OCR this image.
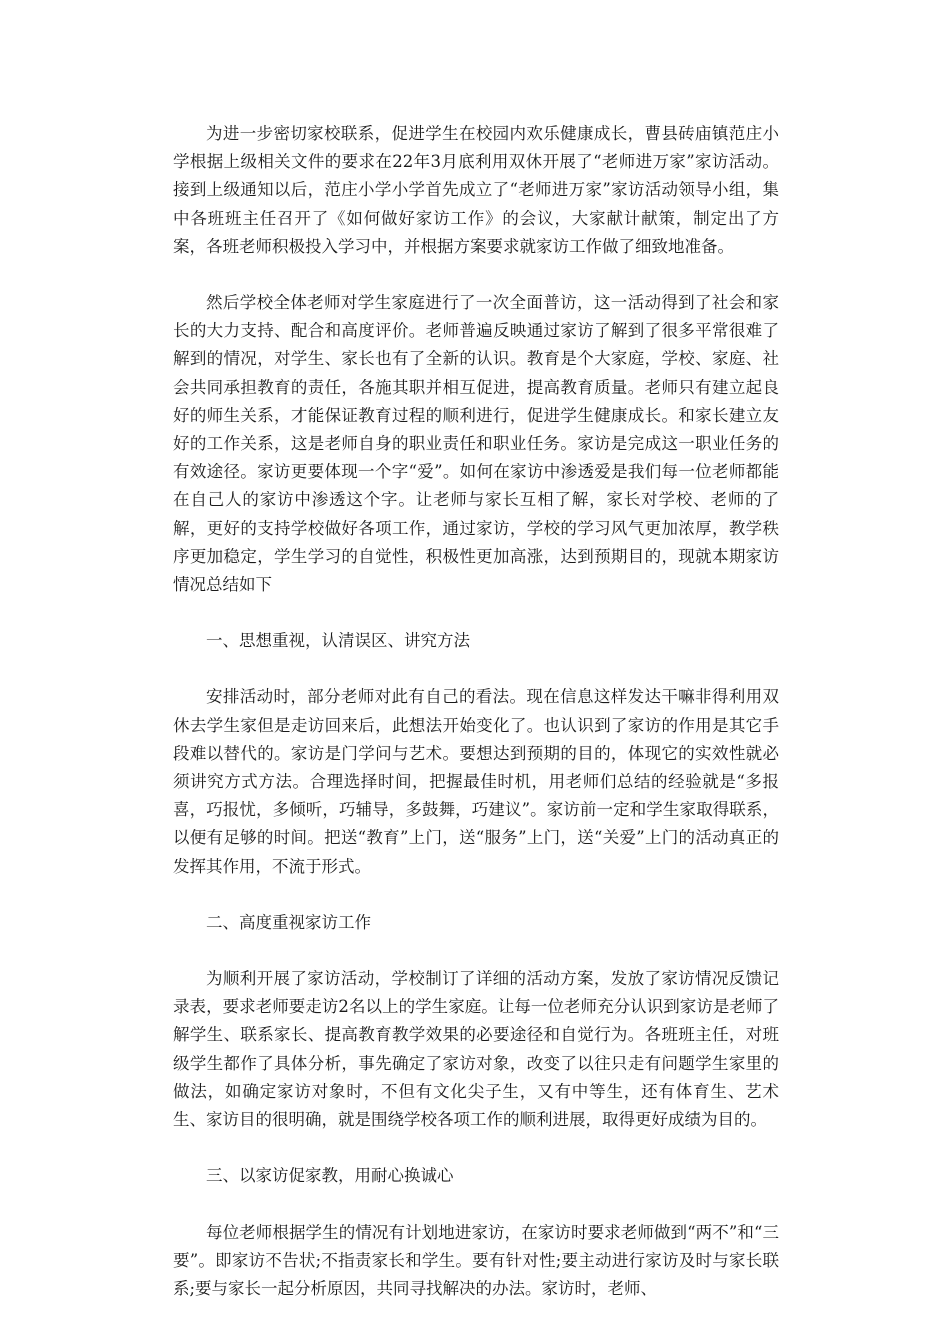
为进一步密切家校联系，促进学生在校园内欢乐健康成长，曹县砖庙镇范庄小学根据上级相关文件的要求在22年3月底利用双休开展了“老师进万家”家访活动。接到上级通知以后，范庄小学小学首先成立了“老师进万家”家访活动领导小组，集中各班班主任召开了《如何做好家访工作》的会议，大家献计献策，制定出了方案，各班老师积极投入学习中，并根据方案要求就家访工作做了细致地准备。

然后学校全体老师对学生家庭进行了一次全面普访，这一活动得到了社会和家长的大力支持、配合和高度评价。老师普遍反映通过家访了解到了很多平常很难了解到的情况，对学生、家长也有了全新的认识。教育是个大家庭，学校、家庭、社会共同承担教育的责任，各施其职并相互促进，提高教育质量。老师只有建立起良好的师生关系，才能保证教育过程的顺利进行，促进学生健康成长。和家长建立友好的工作关系，这是老师自身的职业责任和职业任务。家访是完成这一职业任务的有效途径。家访更要体现一个字“爱”。如何在家访中渗透爱是我们每一位老师都能在自己人的家访中渗透这个字。让老师与家长互相了解，家长对学校、老师的了解，更好的支持学校做好各项工作，通过家访，学校的学习风气更加浓厚，教学秩序更加稳定，学生学习的自觉性，积极性更加高涨，达到预期目的，现就本期家访情况总结如下

一、思想重视，认清误区、讲究方法

安排活动时，部分老师对此有自己的看法。现在信息这样发达干嘛非得利用双休去学生家但是走访回来后，此想法开始变化了。也认识到了家访的作用是其它手段难以替代的。家访是门学问与艺术。要想达到预期的目的，体现它的实效性就必须讲究方式方法。合理选择时间，把握最佳时机，用老师们总结的经验就是“多报喜，巧报忧，多倾听，巧辅导，多鼓舞，巧建议”。家访前一定和学生家取得联系，以便有足够的时间。把送“教育”上门，送“服务”上门，送“关爱”上门的活动真正的发挥其作用，不流于形式。

二、高度重视家访工作

为顺利开展了家访活动，学校制订了详细的活动方案，发放了家访情况反馈记录表，要求老师要走访2名以上的学生家庭。让每一位老师充分认识到家访是老师了解学生、联系家长、提高教育教学效果的必要途径和自觉行为。各班班主任，对班级学生都作了具体分析，事先确定了家访对象，改变了以往只走有问题学生家里的做法，如确定家访对象时，不但有文化尖子生，又有中等生，还有体育生、艺术生、家访目的很明确，就是围绕学校各项工作的顺利进展，取得更好成绩为目的。

三、以家访促家教，用耐心换诚心

每位老师根据学生的情况有计划地进家访，在家访时要求老师做到“两不”和“三要”。即家访不告状;不指责家长和学生。要有针对性;要主动进行家访及时与家长联系;要与家长一起分析原因，共同寻找解决的办法。家访时，老师、
